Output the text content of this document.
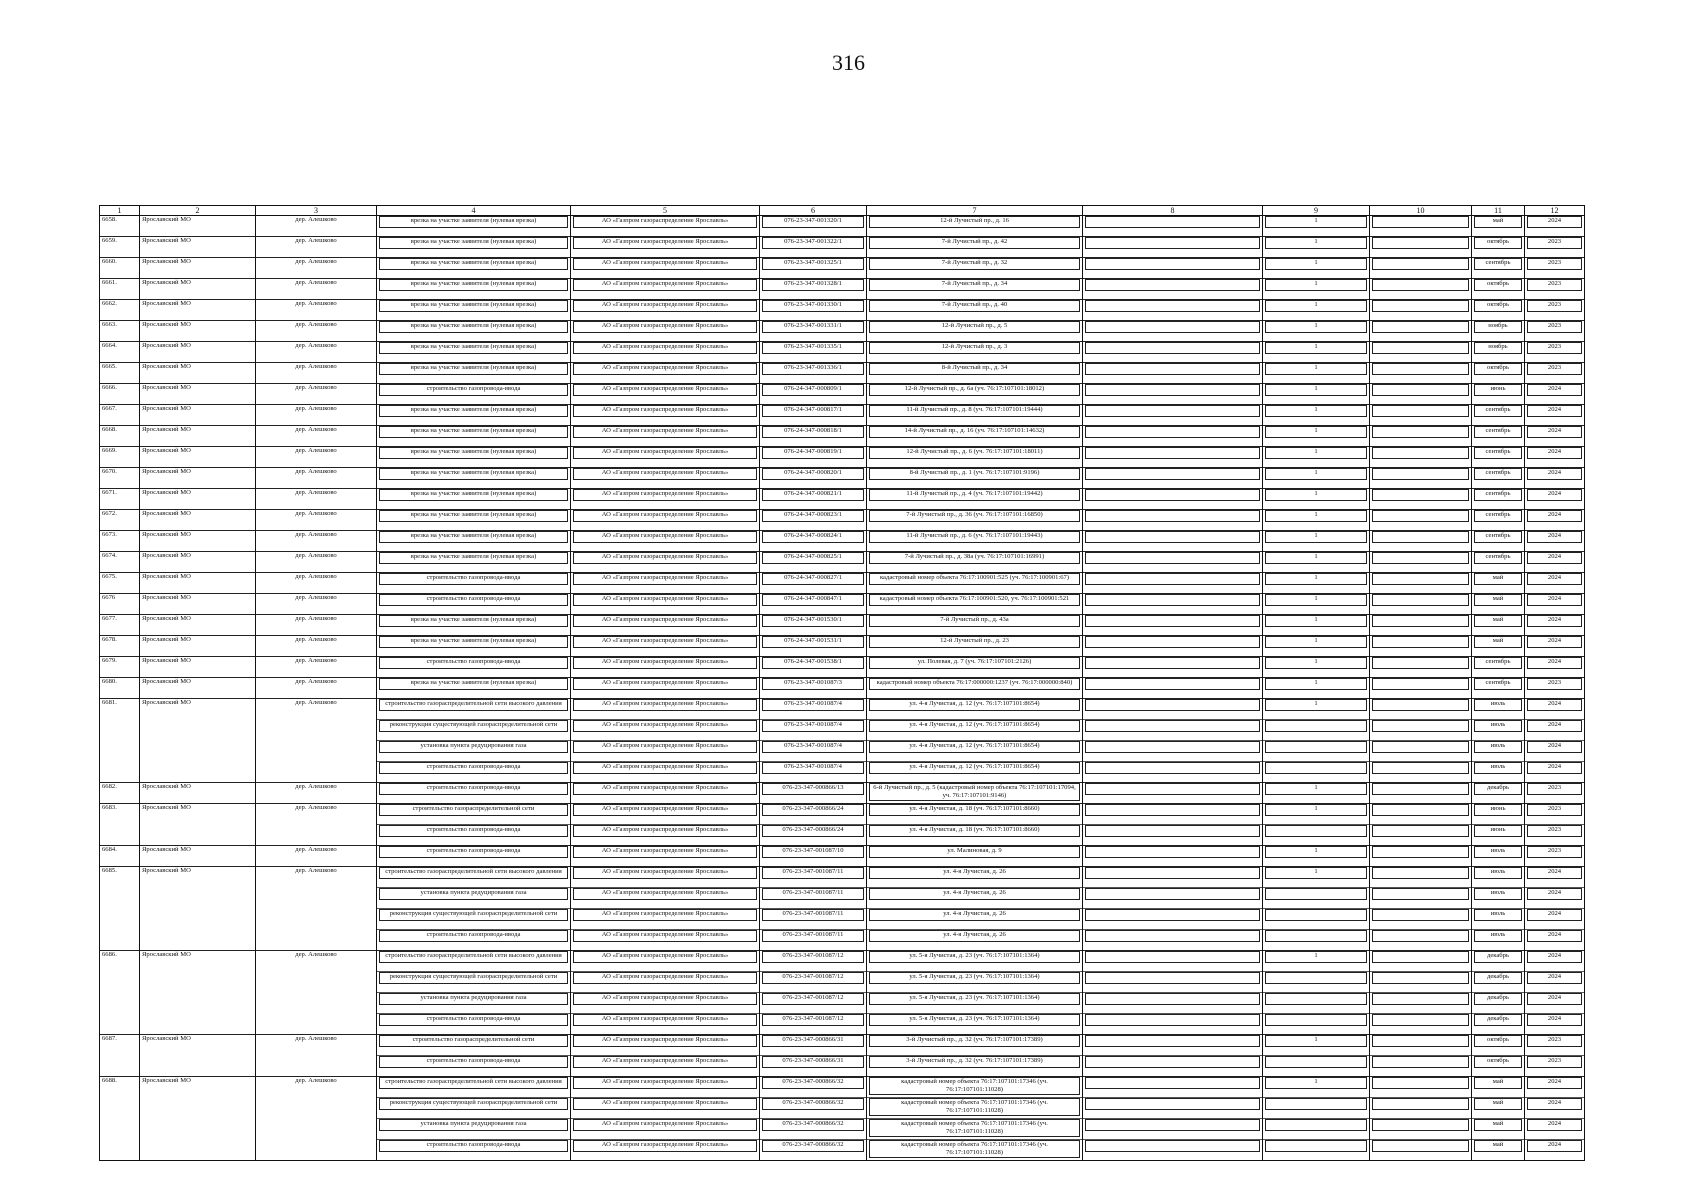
316
1	2	3	4	5	6	7	8	9	10	11	12
6658.	Ярославский МО	дер. Алешково	врезка на участке заявителя (нулевая врезка)	АО «Газпром газораспределение Ярославль»	076-23-347-001320/1	12-й Лучистый пр., д. 16		1		май	2024

6659.	Ярославский МО	дер. Алешково	врезка на участке заявителя (нулевая врезка)	АО «Газпром газораспределение Ярославль»	076-23-347-001322/1	7-й Лучистый пр., д. 42		1		октябрь	2023

6660.	Ярославский МО	дер. Алешково	врезка на участке заявителя (нулевая врезка)	АО «Газпром газораспределение Ярославль»	076-23-347-001325/1	7-й Лучистый пр., д. 32		1		сентябрь	2023

6661.	Ярославский МО	дер. Алешково	врезка на участке заявителя (нулевая врезка)	АО «Газпром газораспределение Ярославль»	076-23-347-001328/1	7-й Лучистый пр., д. 34		1		октябрь	2023

6662.	Ярославский МО	дер. Алешково	врезка на участке заявителя (нулевая врезка)	АО «Газпром газораспределение Ярославль»	076-23-347-001330/1	7-й Лучистый пр., д. 40		1		октябрь	2023

6663.	Ярославский МО	дер. Алешково	врезка на участке заявителя (нулевая врезка)	АО «Газпром газораспределение Ярославль»	076-23-347-001331/1	12-й Лучистый пр., д. 5		1		ноябрь	2023

6664.	Ярославский МО	дер. Алешково	врезка на участке заявителя (нулевая врезка)	АО «Газпром газораспределение Ярославль»	076-23-347-001335/1	12-й Лучистый пр., д. 3		1		ноябрь	2023

6665.	Ярославский МО	дер. Алешково	врезка на участке заявителя (нулевая врезка)	АО «Газпром газораспределение Ярославль»	076-23-347-001336/1	8-й Лучистый пр., д. 34		1		октябрь	2023

6666.	Ярославский МО	дер. Алешково	строительство газопровода-ввода	АО «Газпром газораспределение Ярославль»	076-24-347-000809/1	12-й Лучистый пр., д. 6а (уч. 76:17:107101:18012)		1		июнь	2024

6667.	Ярославский МО	дер. Алешково	врезка на участке заявителя (нулевая врезка)	АО «Газпром газораспределение Ярославль»	076-24-347-000817/1	11-й Лучистый пр., д. 8 (уч. 76:17:107101:19444)		1		сентябрь	2024

6668.	Ярославский МО	дер. Алешково	врезка на участке заявителя (нулевая врезка)	АО «Газпром газораспределение Ярославль»	076-24-347-000818/1	14-й Лучистый пр., д. 16 (уч. 76:17:107101:14632)		1		сентябрь	2024

6669.	Ярославский МО	дер. Алешково	врезка на участке заявителя (нулевая врезка)	АО «Газпром газораспределение Ярославль»	076-24-347-000819/1	12-й Лучистый пр., д. 6 (уч. 76:17:107101:18011)		1		сентябрь	2024

6670.	Ярославский МО	дер. Алешково	врезка на участке заявителя (нулевая врезка)	АО «Газпром газораспределение Ярославль»	076-24-347-000820/1	8-й Лучистый пр., д. 1 (уч. 76:17:107101:9196)		1		сентябрь	2024

6671.	Ярославский МО	дер. Алешково	врезка на участке заявителя (нулевая врезка)	АО «Газпром газораспределение Ярославль»	076-24-347-000821/1	11-й Лучистый пр., д. 4 (уч. 76:17:107101:19442)		1		сентябрь	2024

6672.	Ярославский МО	дер. Алешково	врезка на участке заявителя (нулевая врезка)	АО «Газпром газораспределение Ярославль»	076-24-347-000823/1	7-й Лучистый пр., д. 36 (уч. 76:17:107101:16850)		1		сентябрь	2024

6673.	Ярославский МО	дер. Алешково	врезка на участке заявителя (нулевая врезка)	АО «Газпром газораспределение Ярославль»	076-24-347-000824/1	11-й Лучистый пр., д. 6 (уч. 76:17:107101:19443)		1		сентябрь	2024

6674.	Ярославский МО	дер. Алешково	врезка на участке заявителя (нулевая врезка)	АО «Газпром газораспределение Ярославль»	076-24-347-000825/1	7-й Лучистый пр., д. 38а (уч. 76:17:107101:16991)		1		сентябрь	2024

6675.	Ярославский МО	дер. Алешково	строительство газопровода-ввода	АО «Газпром газораспределение Ярославль»	076-24-347-000827/1	кадастровый номер объекта 76:17:100901:525 (уч. 76:17:100901:67)		1		май	2024

6676	Ярославский МО	дер. Алешково	строительство газопровода-ввода	АО «Газпром газораспределение Ярославль»	076-24-347-000847/1	кадастровый номер объекта 76:17:100901:520, уч. 76:17:100901:521		1		май	2024

6677.	Ярославский МО	дер. Алешково	врезка на участке заявителя (нулевая врезка)	АО «Газпром газораспределение Ярославль»	076-24-347-001530/1	7-й Лучистый пр., д. 43а		1		май	2024

6678.	Ярославский МО	дер. Алешково	врезка на участке заявителя (нулевая врезка)	АО «Газпром газораспределение Ярославль»	076-24-347-001531/1	12-й Лучистый пр., д. 23		1		май	2024

6679.	Ярославский МО	дер. Алешково	строительство газопровода-ввода	АО «Газпром газораспределение Ярославль»	076-24-347-001538/1	ул. Полевая, д. 7 (уч. 76:17:107101:2126)		1		сентябрь	2024

6680.	Ярославский МО	дер. Алешково	врезка на участке заявителя (нулевая врезка)	АО «Газпром газораспределение Ярославль»	076-23-347-001087/3	кадастровый номер объекта 76:17:000000:1237 (уч. 76:17:000000:840)		1		сентябрь	2023

6681.	Ярославский МО	дер. Алешково	строительство газораспределительной сети высокого давления	АО «Газпром газораспределение Ярославль»	076-23-347-001087/4	ул. 4-я Лучистая, д. 12 (уч. 76:17:107101:8654)		1		июль	2024

			реконструкция существующей газораспределительной сети	АО «Газпром газораспределение Ярославль»	076-23-347-001087/4	ул. 4-я Лучистая, д. 12 (уч. 76:17:107101:8654)				июль	2024

			установка пункта редуцирования газа	АО «Газпром газораспределение Ярославль»	076-23-347-001087/4	ул. 4-я Лучистая, д. 12 (уч. 76:17:107101:8654)				июль	2024

			строительство газопровода-ввода	АО «Газпром газораспределение Ярославль»	076-23-347-001087/4	ул. 4-я Лучистая, д. 12 (уч. 76:17:107101:8654)				июль	2024

6682.	Ярославский МО	дер. Алешково	строительство газопровода-ввода	АО «Газпром газораспределение Ярославль»	076-23-347-000866/13	6-й Лучистый пр., д. 5 (кадастровый номер объекта 76:17:107101:17094, уч. 76:17:107101:9146)		1		декабрь	2023

6683.	Ярославский МО	дер. Алешково	строительство газораспределительной сети	АО «Газпром газораспределение Ярославль»	076-23-347-000866/24	ул. 4-я Лучистая, д. 18 (уч. 76:17:107101:8660)		1		июнь	2023

			строительство газопровода-ввода	АО «Газпром газораспределение Ярославль»	076-23-347-000866/24	ул. 4-я Лучистая, д. 18 (уч. 76:17:107101:8660)				июнь	2023

6684.	Ярославский МО	дер. Алешково	строительство газопровода-ввода	АО «Газпром газораспределение Ярославль»	076-23-347-001087/10	ул. Малиновая, д. 9		1		июль	2023

6685.	Ярославский МО	дер. Алешково	строительство газораспределительной сети высокого давления	АО «Газпром газораспределение Ярославль»	076-23-347-001087/11	ул. 4-я Лучистая, д. 26		1		июль	2024

			установка пункта редуцирования газа	АО «Газпром газораспределение Ярославль»	076-23-347-001087/11	ул. 4-я Лучистая, д. 26				июль	2024

			реконструкция существующей газораспределительной сети	АО «Газпром газораспределение Ярославль»	076-23-347-001087/11	ул. 4-я Лучистая, д. 26				июль	2024

			строительство газопровода-ввода	АО «Газпром газораспределение Ярославль»	076-23-347-001087/11	ул. 4-я Лучистая, д. 26				июль	2024

6686.	Ярославский МО	дер. Алешково	строительство газораспределительной сети высокого давления	АО «Газпром газораспределение Ярославль»	076-23-347-001087/12	ул. 5-я Лучистая, д. 23 (уч. 76:17:107101:1364)		1		декабрь	2024

			реконструкция существующей газораспределительной сети	АО «Газпром газораспределение Ярославль»	076-23-347-001087/12	ул. 5-я Лучистая, д. 23 (уч. 76:17:107101:1364)				декабрь	2024

			установка пункта редуцирования газа	АО «Газпром газораспределение Ярославль»	076-23-347-001087/12	ул. 5-я Лучистая, д. 23 (уч. 76:17:107101:1364)				декабрь	2024

			строительство газопровода-ввода	АО «Газпром газораспределение Ярославль»	076-23-347-001087/12	ул. 5-я Лучистая, д. 23 (уч. 76:17:107101:1364)				декабрь	2024

6687.	Ярославский МО	дер. Алешково	строительство газораспределительной сети	АО «Газпром газораспределение Ярославль»	076-23-347-000866/31	3-й Лучистый пр., д. 32 (уч. 76:17:107101:17389)		1		октябрь	2023

			строительство газопровода-ввода	АО «Газпром газораспределение Ярославль»	076-23-347-000866/31	3-й Лучистый пр., д. 32 (уч. 76:17:107101:17389)				октябрь	2023

6688.	Ярославский МО	дер. Алешково	строительство газораспределительной сети высокого давления	АО «Газпром газораспределение Ярославль»	076-23-347-000866/32	кадастровый номер объекта 76:17:107101:17346 (уч. 76:17:107101:11028)		1		май	2024

			реконструкция существующей газораспределительной сети	АО «Газпром газораспределение Ярославль»	076-23-347-000866/32	кадастровый номер объекта 76:17:107101:17346 (уч. 76:17:107101:11028)				май	2024

			установка пункта редуцирования газа	АО «Газпром газораспределение Ярославль»	076-23-347-000866/32	кадастровый номер объекта 76:17:107101:17346 (уч. 76:17:107101:11028)				май	2024

			строительство газопровода-ввода	АО «Газпром газораспределение Ярославль»	076-23-347-000866/32	кадастровый номер объекта 76:17:107101:17346 (уч. 76:17:107101:11028)				май	2024
